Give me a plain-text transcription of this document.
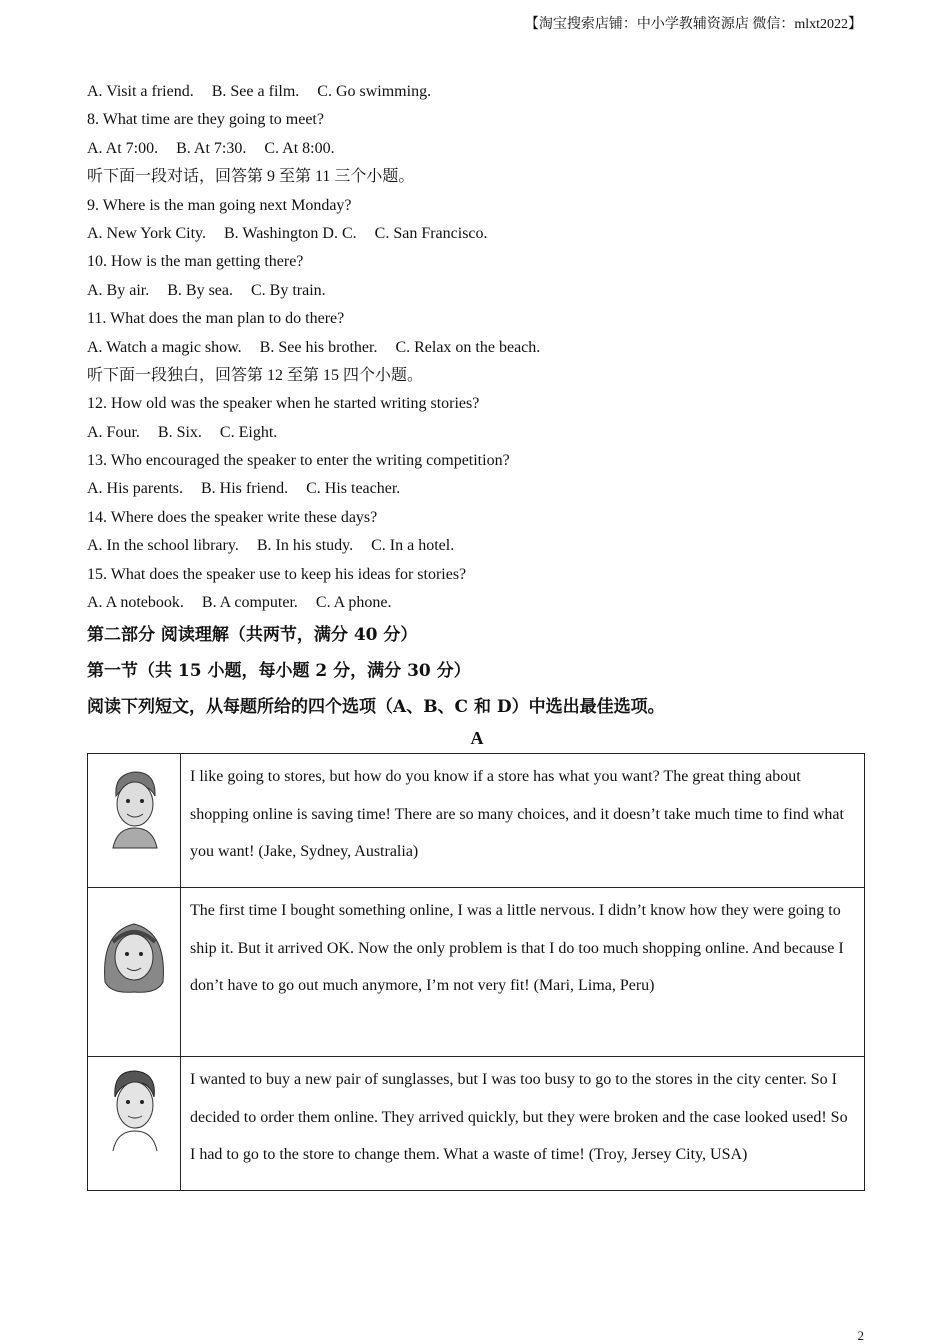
【淘宝搜索店铺：中小学教辅资源店 微信：mlxt2022】
A. Visit a friend. B. See a film. C. Go swimming.
8. What time are they going to meet?
A. At 7:00. B. At 7:30. C. At 8:00.
听下面一段对话，回答第 9 至第 11 三个小题。
9. Where is the man going next Monday?
A. New York City. B. Washington D. C. C. San Francisco.
10. How is the man getting there?
A. By air. B. By sea. C. By train.
11. What does the man plan to do there?
A. Watch a magic show. B. See his brother. C. Relax on the beach.
听下面一段独白，回答第 12 至第 15 四个小题。
12. How old was the speaker when he started writing stories?
A. Four. B. Six. C. Eight.
13. Who encouraged the speaker to enter the writing competition?
A. His parents. B. His friend. C. His teacher.
14. Where does the speaker write these days?
A. In the school library. B. In his study. C. In a hotel.
15. What does the speaker use to keep his ideas for stories?
A. A notebook. B. A computer. C. A phone.
第二部分 阅读理解（共两节，满分 40 分）
第一节（共 15 小题，每小题 2 分，满分 30 分）
阅读下列短文，从每题所给的四个选项（A、B、C 和 D）中选出最佳选项。
A
	I like going to stores, but how do you know if a store has what you want? The great thing about shopping online is saving time! There are so many choices, and it doesn’t take much time to find what you want! (Jake, Sydney, Australia)
	The first time I bought something online, I was a little nervous. I didn’t know how they were going to ship it. But it arrived OK. Now the only problem is that I do too much shopping online. And because I don’t have to go out much anymore, I’m not very fit! (Mari, Lima, Peru)
	I wanted to buy a new pair of sunglasses, but I was too busy to go to the stores in the city center. So I decided to order them online. They arrived quickly, but they were broken and the case looked used! So I had to go to the store to change them. What a waste of time! (Troy, Jersey City, USA)
2
